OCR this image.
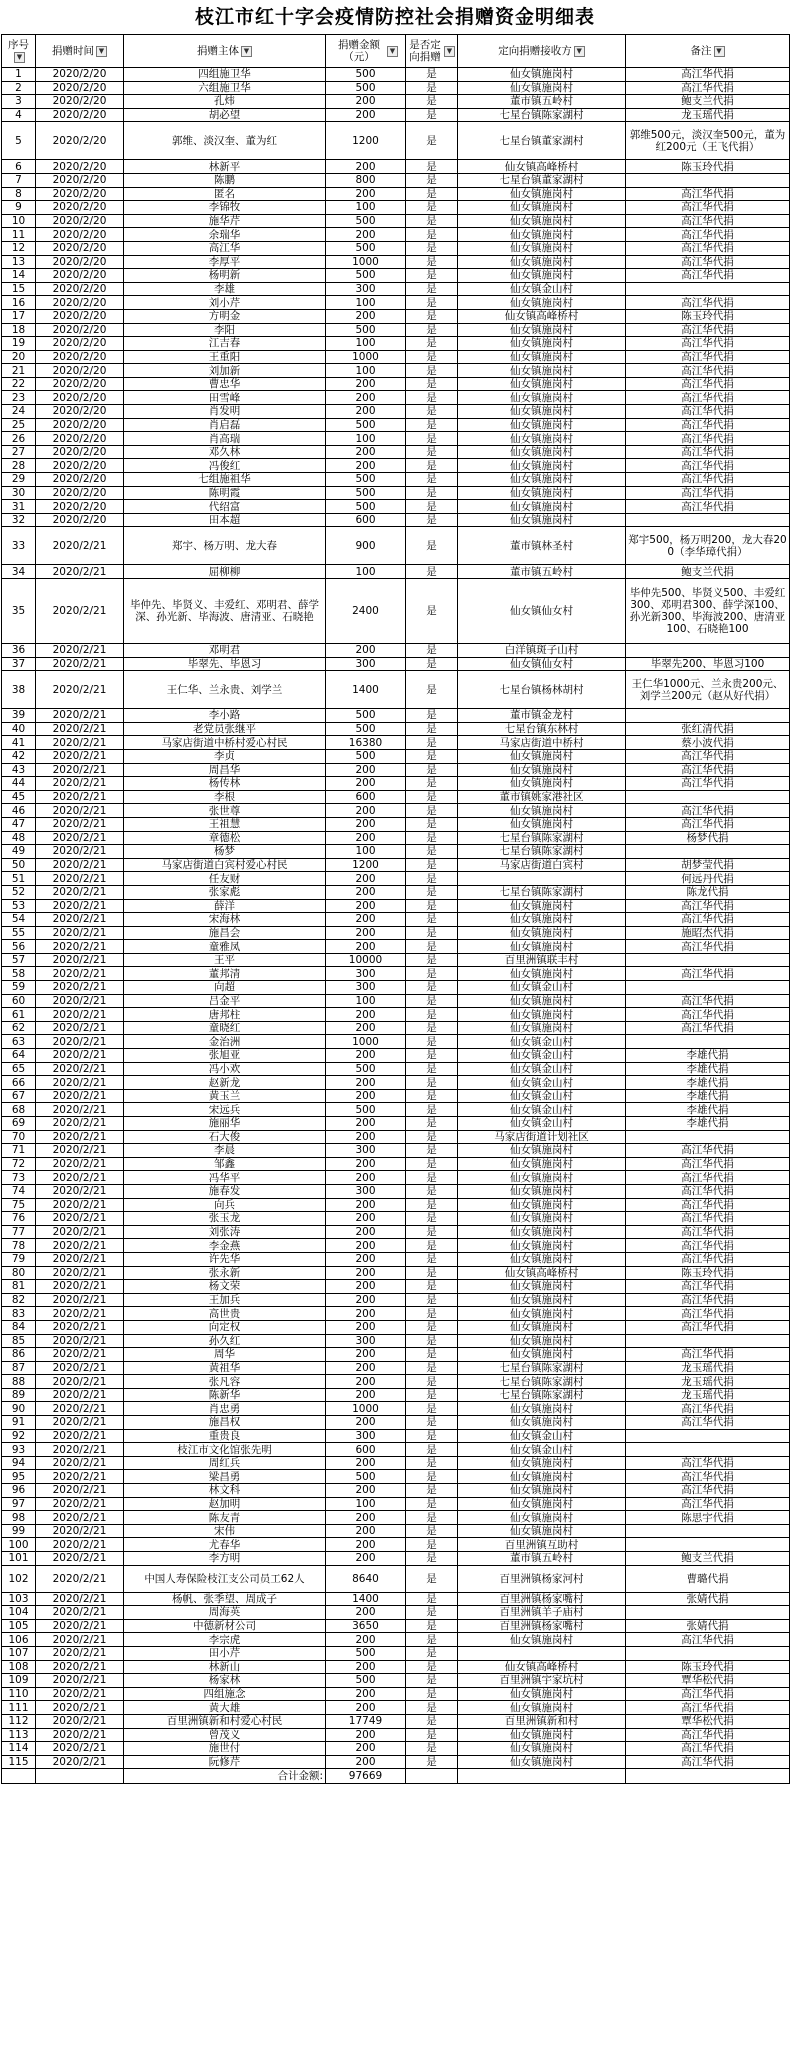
枝江市红十字会疫情防控社会捐赠资金明细表
序号▼	捐赠时间 ▼	捐赠主体 ▼	捐赠金额（元）▼	是否定向捐赠▼	定向捐赠接收方 ▼	备注 ▼
1	2020/2/20	四组施卫华	500	是	仙女镇施岗村	高江华代捐
2	2020/2/20	六组施卫华	500	是	仙女镇施岗村	高江华代捐
3	2020/2/20	孔炜	200	是	董市镇五岭村	鲍支兰代捐
4	2020/2/20	胡必望	200	是	七星台镇陈家湖村	龙玉瑶代捐
5	2020/2/20	郭维、淡汉奎、董为红	1200	是	七星台镇董家湖村	郭维500元，淡汉奎500元，董为红200元（王飞代捐）
6	2020/2/20	林新平	200	是	仙女镇高峰桥村	陈玉玲代捐
7	2020/2/20	陈鹏	800	是	七星台镇董家湖村	
8	2020/2/20	匿名	200	是	仙女镇施岗村	高江华代捐
9	2020/2/20	李锦牧	100	是	仙女镇施岗村	高江华代捐
10	2020/2/20	施华芹	500	是	仙女镇施岗村	高江华代捐
11	2020/2/20	余瑞华	200	是	仙女镇施岗村	高江华代捐
12	2020/2/20	高江华	500	是	仙女镇施岗村	高江华代捐
13	2020/2/20	李厚平	1000	是	仙女镇施岗村	高江华代捐
14	2020/2/20	杨明新	500	是	仙女镇施岗村	高江华代捐
15	2020/2/20	李雄	300	是	仙女镇金山村	
16	2020/2/20	刘小芹	100	是	仙女镇施岗村	高江华代捐
17	2020/2/20	方明金	200	是	仙女镇高峰桥村	陈玉玲代捐
18	2020/2/20	李阳	500	是	仙女镇施岗村	高江华代捐
19	2020/2/20	江吉春	100	是	仙女镇施岗村	高江华代捐
20	2020/2/20	王重阳	1000	是	仙女镇施岗村	高江华代捐
21	2020/2/20	刘加新	100	是	仙女镇施岗村	高江华代捐
22	2020/2/20	曹忠华	200	是	仙女镇施岗村	高江华代捐
23	2020/2/20	田雪峰	200	是	仙女镇施岗村	高江华代捐
24	2020/2/20	肖发明	200	是	仙女镇施岗村	高江华代捐
25	2020/2/20	肖启磊	500	是	仙女镇施岗村	高江华代捐
26	2020/2/20	肖高瑞	100	是	仙女镇施岗村	高江华代捐
27	2020/2/20	邓久林	200	是	仙女镇施岗村	高江华代捐
28	2020/2/20	冯俊红	200	是	仙女镇施岗村	高江华代捐
29	2020/2/20	七组施祖华	500	是	仙女镇施岗村	高江华代捐
30	2020/2/20	陈明霞	500	是	仙女镇施岗村	高江华代捐
31	2020/2/20	代绍富	500	是	仙女镇施岗村	高江华代捐
32	2020/2/20	田本超	600	是	仙女镇施岗村	
33	2020/2/21	郑宇、杨万明、龙大春	900	是	董市镇林圣村	郑宇500，杨万明200，龙大春200（李华璋代捐）
34	2020/2/21	屈柳柳	100	是	董市镇五岭村	鲍支兰代捐
35	2020/2/21	毕仲先、毕贤义、丰爱红、邓明君、薛学深、孙光新、毕海波、唐清亚、石晓艳	2400	是	仙女镇仙女村	毕仲先500、毕贤义500、丰爱红300、邓明君300、薛学深100、孙光新300、毕海波200、唐清亚100、石晓艳100
36	2020/2/21	邓明君	200	是	白洋镇斑子山村	
37	2020/2/21	毕翠先、毕恩习	300	是	仙女镇仙女村	毕翠先200、毕恩习100
38	2020/2/21	王仁华、兰永贵、刘学兰	1400	是	七星台镇杨林胡村	王仁华1000元、兰永贵200元、刘学兰200元（赵从好代捐）
39	2020/2/21	李小路	500	是	董市镇金龙村	
40	2020/2/21	老党员张继平	500	是	七星台镇东林村	张红清代捐
41	2020/2/21	马家店街道中桥村爱心村民	16380	是	马家店街道中桥村	蔡小波代捐
42	2020/2/21	李贞	500	是	仙女镇施岗村	高江华代捐
43	2020/2/21	周昌华	200	是	仙女镇施岗村	高江华代捐
44	2020/2/21	杨传林	200	是	仙女镇施岗村	高江华代捐
45	2020/2/21	李根	600	是	董市镇姚家港社区	
46	2020/2/21	张世尊	200	是	仙女镇施岗村	高江华代捐
47	2020/2/21	王祖慧	200	是	仙女镇施岗村	高江华代捐
48	2020/2/21	章德松	200	是	七星台镇陈家湖村	杨梦代捐
49	2020/2/21	杨梦	100	是	七星台镇陈家湖村	
50	2020/2/21	马家店街道白宾村爱心村民	1200	是	马家店街道白宾村	胡梦莹代捐
51	2020/2/21	任友财	200	是		何远丹代捐
52	2020/2/21	张家彪	200	是	七星台镇陈家湖村	陈龙代捐
53	2020/2/21	薛洋	200	是	仙女镇施岗村	高江华代捐
54	2020/2/21	宋海林	200	是	仙女镇施岗村	高江华代捐
55	2020/2/21	施昌会	200	是	仙女镇施岗村	施昭杰代捐
56	2020/2/21	童雅凤	200	是	仙女镇施岗村	高江华代捐
57	2020/2/21	王平	10000	是	百里洲镇联丰村	
58	2020/2/21	董邦清	300	是	仙女镇施岗村	高江华代捐
59	2020/2/21	向超	300	是	仙女镇金山村	
60	2020/2/21	吕金平	100	是	仙女镇施岗村	高江华代捐
61	2020/2/21	唐邦柱	200	是	仙女镇施岗村	高江华代捐
62	2020/2/21	童晓红	200	是	仙女镇施岗村	高江华代捐
63	2020/2/21	金治洲	1000	是	仙女镇金山村	
64	2020/2/21	张旭亚	200	是	仙女镇金山村	李雄代捐
65	2020/2/21	冯小欢	500	是	仙女镇金山村	李雄代捐
66	2020/2/21	赵新龙	200	是	仙女镇金山村	李雄代捐
67	2020/2/21	黄玉兰	200	是	仙女镇金山村	李雄代捐
68	2020/2/21	宋远兵	500	是	仙女镇金山村	李雄代捐
69	2020/2/21	施丽华	200	是	仙女镇金山村	李雄代捐
70	2020/2/21	石大俊	200	是	马家店街道计划社区	
71	2020/2/21	李晨	300	是	仙女镇施岗村	高江华代捐
72	2020/2/21	邹鑫	200	是	仙女镇施岗村	高江华代捐
73	2020/2/21	冯华平	200	是	仙女镇施岗村	高江华代捐
74	2020/2/21	施春发	300	是	仙女镇施岗村	高江华代捐
75	2020/2/21	向兵	200	是	仙女镇施岗村	高江华代捐
76	2020/2/21	张玉龙	200	是	仙女镇施岗村	高江华代捐
77	2020/2/21	刘张涛	200	是	仙女镇施岗村	高江华代捐
78	2020/2/21	李金燕	200	是	仙女镇施岗村	高江华代捐
79	2020/2/21	许先华	200	是	仙女镇施岗村	高江华代捐
80	2020/2/21	张永新	200	是	仙女镇高峰桥村	陈玉玲代捐
81	2020/2/21	杨文荣	200	是	仙女镇施岗村	高江华代捐
82	2020/2/21	王加兵	200	是	仙女镇施岗村	高江华代捐
83	2020/2/21	高世贵	200	是	仙女镇施岗村	高江华代捐
84	2020/2/21	向定权	200	是	仙女镇施岗村	高江华代捐
85	2020/2/21	孙久红	300	是	仙女镇施岗村	
86	2020/2/21	周华	200	是	仙女镇施岗村	高江华代捐
87	2020/2/21	黄祖华	200	是	七星台镇陈家湖村	龙玉瑶代捐
88	2020/2/21	张凡容	200	是	七星台镇陈家湖村	龙玉瑶代捐
89	2020/2/21	陈新华	200	是	七星台镇陈家湖村	龙玉瑶代捐
90	2020/2/21	肖忠勇	1000	是	仙女镇施岗村	高江华代捐
91	2020/2/21	施昌权	200	是	仙女镇施岗村	高江华代捐
92	2020/2/21	重贵良	300	是	仙女镇金山村	
93	2020/2/21	枝江市文化馆张先明	600	是	仙女镇金山村	
94	2020/2/21	周红兵	200	是	仙女镇施岗村	高江华代捐
95	2020/2/21	梁昌勇	500	是	仙女镇施岗村	高江华代捐
96	2020/2/21	林文科	200	是	仙女镇施岗村	高江华代捐
97	2020/2/21	赵加明	100	是	仙女镇施岗村	高江华代捐
98	2020/2/21	陈友青	200	是	仙女镇施岗村	陈思宇代捐
99	2020/2/21	宋伟	200	是	仙女镇施岗村	
100	2020/2/21	尤春华	200	是	百里洲镇互助村	
101	2020/2/21	李方明	200	是	董市镇五岭村	鲍支兰代捐
102	2020/2/21	中国人寿保险枝江支公司员工62人	8640	是	百里洲镇杨家河村	曹璐代捐
103	2020/2/21	杨帆、张季望、周成子	1400	是	百里洲镇杨家嘴村	张婧代捐
104	2020/2/21	周海英	200	是	百里洲镇羊子庙村	
105	2020/2/21	中德新材公司	3650	是	百里洲镇杨家嘴村	张婧代捐
106	2020/2/21	李宗虎	200	是	仙女镇施岗村	高江华代捐
107	2020/2/21	田小芹	500	是		
108	2020/2/21	林新山	200	是	仙女镇高峰桥村	陈玉玲代捐
109	2020/2/21	杨家林	500	是	百里洲镇宇家坑村	覃华松代捐
110	2020/2/21	四组施念	200	是	仙女镇施岗村	高江华代捐
111	2020/2/21	黄大雄	200	是	仙女镇施岗村	高江华代捐
112	2020/2/21	百里洲镇新和村爱心村民	17749	是	百里洲镇新和村	覃华松代捐
113	2020/2/21	曾茂义	200	是	仙女镇施岗村	高江华代捐
114	2020/2/21	施世付	200	是	仙女镇施岗村	高江华代捐
115	2020/2/21	阮修芹	200	是	仙女镇施岗村	高江华代捐
		合计金额:	97669			
